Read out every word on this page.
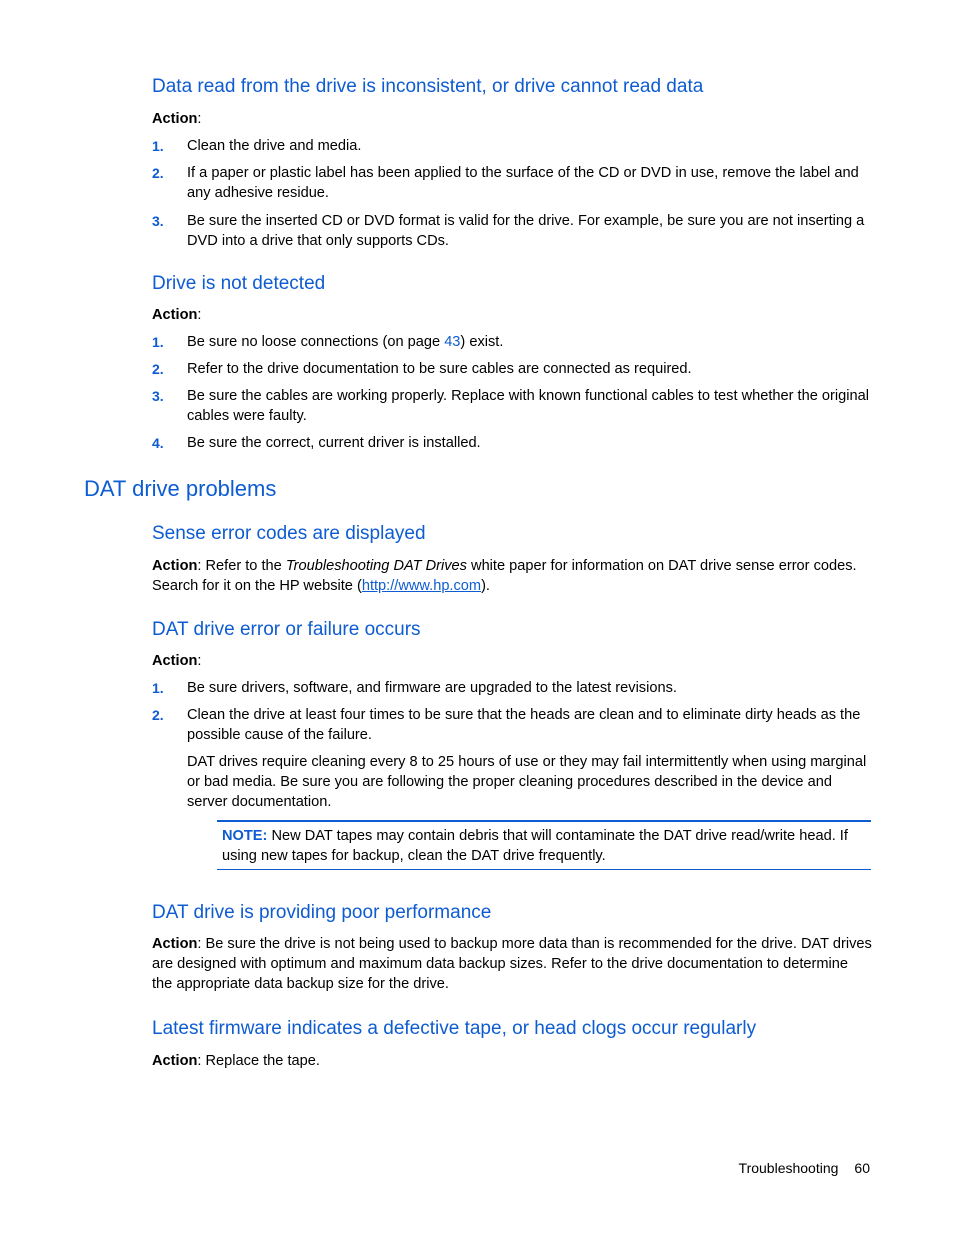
Data read from the drive is inconsistent, or drive cannot read data
Action:
1.	Clean the drive and media.
2.	If a paper or plastic label has been applied to the surface of the CD or DVD in use, remove the label and any adhesive residue.
3.	Be sure the inserted CD or DVD format is valid for the drive. For example, be sure you are not inserting a DVD into a drive that only supports CDs.
Drive is not detected
Action:
1.	Be sure no loose connections (on page 43) exist.
2.	Refer to the drive documentation to be sure cables are connected as required.
3.	Be sure the cables are working properly. Replace with known functional cables to test whether the original cables were faulty.
4.	Be sure the correct, current driver is installed.
DAT drive problems
Sense error codes are displayed
Action: Refer to the Troubleshooting DAT Drives white paper for information on DAT drive sense error codes. Search for it on the HP website (http://www.hp.com).
DAT drive error or failure occurs
Action:
1.	Be sure drivers, software, and firmware are upgraded to the latest revisions.
2.	Clean the drive at least four times to be sure that the heads are clean and to eliminate dirty heads as the possible cause of the failure.
DAT drives require cleaning every 8 to 25 hours of use or they may fail intermittently when using marginal or bad media. Be sure you are following the proper cleaning procedures described in the device and server documentation.
NOTE: New DAT tapes may contain debris that will contaminate the DAT drive read/write head. If using new tapes for backup, clean the DAT drive frequently.
DAT drive is providing poor performance
Action: Be sure the drive is not being used to backup more data than is recommended for the drive. DAT drives are designed with optimum and maximum data backup sizes. Refer to the drive documentation to determine the appropriate data backup size for the drive.
Latest firmware indicates a defective tape, or head clogs occur regularly
Action: Replace the tape.
Troubleshooting 60
